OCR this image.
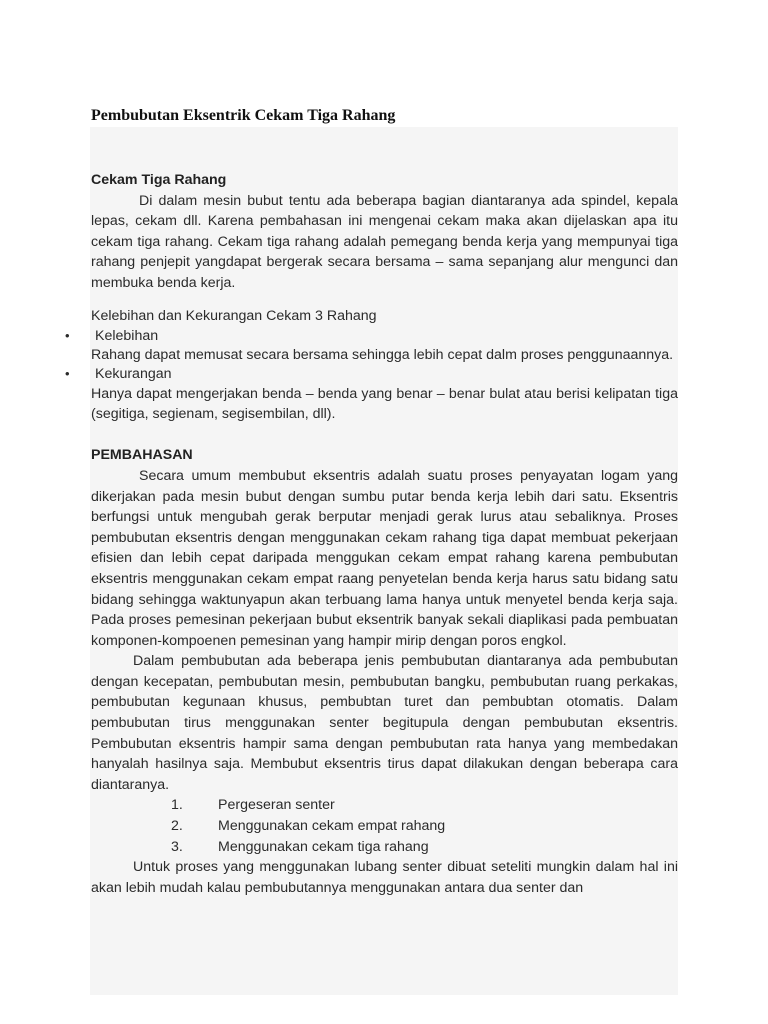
Pembubutan Eksentrik Cekam Tiga Rahang
Cekam Tiga Rahang

Di dalam mesin bubut tentu ada beberapa bagian diantaranya ada spindel, kepala lepas, cekam dll. Karena pembahasan ini mengenai cekam maka akan dijelaskan apa itu cekam tiga rahang. Cekam tiga rahang adalah pemegang benda kerja yang mempunyai tiga rahang penjepit yangdapat bergerak secara bersama – sama sepanjang alur mengunci dan membuka benda kerja.

Kelebihan dan Kekurangan Cekam 3 Rahang
•	Kelebihan

Rahang dapat memusat secara bersama sehingga lebih cepat dalm proses penggunaannya.

•	Kekurangan

Hanya dapat mengerjakan benda – benda yang benar – benar bulat atau berisi kelipatan tiga (segitiga, segienam, segisembilan, dll).

PEMBAHASAN

Secara umum membubut eksentris adalah suatu proses penyayatan logam yang dikerjakan pada mesin bubut dengan sumbu putar benda kerja lebih dari satu. Eksentris berfungsi untuk mengubah gerak berputar menjadi gerak lurus atau sebaliknya. Proses pembubutan eksentris dengan menggunakan cekam rahang tiga dapat membuat pekerjaan efisien dan lebih cepat daripada menggukan cekam empat rahang karena pembubutan eksentris menggunakan cekam empat raang penyetelan benda kerja harus satu bidang satu bidang sehingga waktunyapun akan terbuang lama hanya untuk menyetel benda kerja saja. Pada proses pemesinan pekerjaan bubut eksentrik banyak sekali diaplikasi pada pembuatan komponen-kompoenen pemesinan yang hampir mirip dengan poros engkol.

Dalam pembubutan ada beberapa jenis pembubutan diantaranya ada pembubutan dengan kecepatan, pembubutan mesin, pembubutan bangku, pembubutan ruang perkakas, pembubutan kegunaan khusus, pembubtan turet dan pembubtan otomatis. Dalam pembubutan tirus menggunakan senter begitupula dengan pembubutan eksentris. Pembubutan eksentris hampir sama dengan pembubutan rata hanya yang membedakan hanyalah hasilnya saja. Membubut eksentris tirus dapat dilakukan dengan beberapa cara diantaranya.

1.	Pergeseran senter
2.	Menggunakan cekam empat rahang
3.	Menggunakan cekam tiga rahang

Untuk proses yang menggunakan lubang senter dibuat seteliti mungkin dalam hal ini akan lebih mudah kalau pembubutannya menggunakan antara dua senter dan
